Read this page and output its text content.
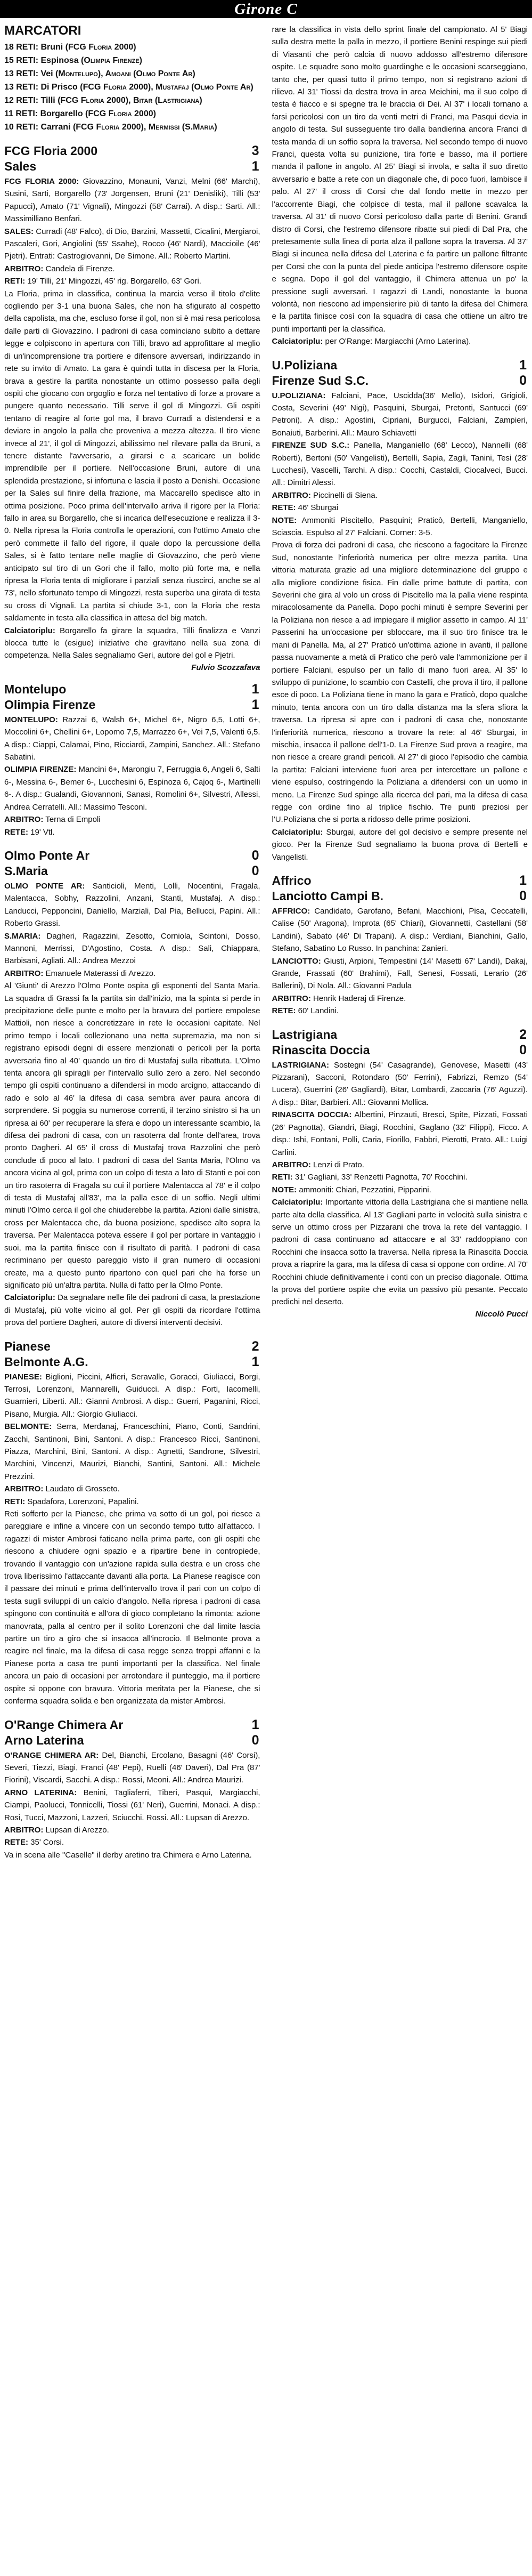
Girone C
MARCATORI
18 RETI: Bruni (FCG Floria 2000)
15 RETI: Espinosa (Olimpia Firenze)
13 RETI: Vei (Montelupo), Amoani (Olmo Ponte Ar)
13 RETI: Di Prisco (FCG Floria 2000), Mustafaj (Olmo Ponte Ar)
12 RETI: Tilli (FCG Floria 2000), Bitar (Lastrigiana)
11 RETI: Borgarello (FCG Floria 2000)
10 RETI: Carrani (FCG Floria 2000), Mermissi (S.Maria)
FCG Floria 2000	3
Sales	1

FCG FLORIA 2000: Giovazzino, Monauni, Vanzi, Melni (66' Marchi), Susini, Sarti, Borgarello (73' Jorgensen, Bruni (21' Denisliki), Tilli (53' Papucci), Amato (71' Vignali), Mingozzi (58' Carrai). A disp.: Sarti. All.: Massimilliano Benfari.

SALES: Curradi (48' Falco), di Dio, Barzini, Massetti, Cicalini, Mergiaroi, Pascaleri, Gori, Angiolini (55' Ssahe), Rocco (46' Nardi), Maccioile (46' Pjetri). Entrati: Castrogiovanni, De Simone. All.: Roberto Martini.

ARBITRO: Candela di Firenze.

RETI: 19' Tilli, 21' Mingozzi, 45' rig. Borgarello, 63' Gori.

La Floria, prima in classifica, continua la marcia verso il titolo d'elite cogliendo per 3-1 una buona Sales, che non ha sfigurato al cospetto della capolista, ma che, escluso forse il gol, non si è mai resa pericolosa dalle parti di Giovazzino. I padroni di casa cominciano subito a dettare legge e colpiscono in apertura con Tilli, bravo ad approfittare al meglio di un'incomprensione tra portiere e difensore avversari, indirizzando in rete su invito di Amato. La gara è quindi tutta in discesa per la Floria, brava a gestire la partita nonostante un ottimo possesso palla degli ospiti che giocano con orgoglio e forza nel tentativo di forze a provare a pungere quanto necessario. Tilli serve il gol di Mingozzi. Gli ospiti tentano di reagire al forte gol ma, il bravo Curradi a distendersi e a deviare in angolo la palla che proveniva a mezza altezza. Il tiro viene invece al 21', il gol di Mingozzi, abilissimo nel rilevare palla da Bruni, a tenere distante l'avversario, a girarsi e a scaricare un bolide imprendibile per il portiere. Nell'occasione Bruni, autore di una splendida prestazione, si infortuna e lascia il posto a Denishi. Occasione per la Sales sul finire della frazione, ma Maccarello spedisce alto in ottima posizione. Poco prima dell'intervallo arriva il rigore per la Floria: fallo in area su Borgarello, che si incarica dell'esecuzione e realizza il 3-0. Nella ripresa la Floria controlla le operazioni, con l'ottimo Amato che però commette il fallo del rigore, il quale dopo la percussione della Sales, si è fatto tentare nelle maglie di Giovazzino, che però viene anticipato sul tiro di un Gori che il fallo, molto più forte ma, e nella ripresa la Floria tenta di migliorare i parziali senza riuscirci, anche se al 73', nello sfortunato tempo di Mingozzi, resta superba una girata di testa su cross di Vignali. La partita si chiude 3-1, con la Floria che resta saldamente in testa alla classifica in attesa del big match.

Calciatoriplu: Borgarello fa girare la squadra, Tilli finalizza e Vanzi blocca tutte le (esigue) iniziative che gravitano nella sua zona di competenza. Nella Sales segnaliamo Geri, autore del gol e Pjetri.

Fulvio Scozzafava
Montelupo	1
Olimpia Firenze	1

MONTELUPO: Razzai 6, Walsh 6+, Michel 6+, Nigro 6,5, Lotti 6+, Moccolini 6+, Chellini 6+, Lopomo 7,5, Marrazzo 6+, Vei 7,5, Valenti 6,5. A disp.: Ciappi, Calamai, Pino, Ricciardi, Zampini, Sanchez. All.: Stefano Sabatini.

OLIMPIA FIRENZE: Mancini 6+, Marongiu 7, Ferruggia 6, Angeli 6, Salti 6-, Messina 6-, Bemer 6-, Lucchesini 6, Espinoza 6, Cajoq 6-, Martinelli 6-. A disp.: Gualandi, Giovannoni, Sanasi, Romolini 6+, Silvestri, Allessi, Andrea Cerratelli. All.: Massimo Tesconi.

ARBITRO: Terna di Empoli

RETE: 19' Vtl.

Olmo Ponte Ar	0
S.Maria	0

OLMO PONTE AR: Santicioli, Menti, Lolli, Nocentini, Fragala, Malentacca, Sobhy, Razzolini, Anzani, Stanti, Mustafaj. A disp.: Landucci, Pepponcini, Daniello, Marziali, Dal Pia, Bellucci, Papini. All.: Roberto Grassi.

S.MARIA: Dagheri, Ragazzini, Zesotto, Corniola, Scintoni, Dosso, Mannoni, Merrissi, D'Agostino, Costa. A disp.: Sali, Chiappara, Barbisani, Agliati. All.: Andrea Mezzoi

ARBITRO: Emanuele Materassi di Arezzo.

Al 'Giunti' di Arezzo l'Olmo Ponte ospita gli esponenti del Santa Maria. La squadra di Grassi fa la partita sin dall'inizio, ma la spinta si perde in precipitazione delle punte e molto per la bravura del portiere empolese Mattioli, non riesce a concretizzare in rete le occasioni capitate. Nel primo tempo i locali collezionano una netta supremazia, ma non si registrano episodi degni di essere menzionati o pericoli per la porta avversaria fino al 40' quando un tiro di Mustafaj sulla ribattuta. L'Olmo tenta ancora gli spiragli per l'intervallo sullo zero a zero. Nel secondo tempo gli ospiti continuano a difendersi in modo arcigno, attaccando di rado e solo al 46' la difesa di casa sembra aver paura ancora di sorprendere. Si poggia su numerose correnti, il terzino sinistro si ha un ripresa ai 60' per recuperare la sfera e dopo un interessante scambio, la difesa dei padroni di casa, con un rasoterra dal fronte dell'area, trova pronto Dagheri. Al 65' il cross di Mustafaj trova Razzolini che però conclude di poco al lato. I padroni di casa del Santa Maria, l'Olmo va ancora vicina al gol, prima con un colpo di testa a lato di Stanti e poi con un tiro rasoterra di Fragala su cui il portiere Malentacca al 78' e il colpo di testa di Mustafaj all'83', ma la palla esce di un soffio. Negli ultimi minuti l'Olmo cerca il gol che chiuderebbe la partita. Azioni dalle sinistra, cross per Malentacca che, da buona posizione, spedisce alto sopra la traversa. Per Malentacca poteva essere il gol per portare in vantaggio i suoi, ma la partita finisce con il risultato di parità. I padroni di casa recriminano per questo pareggio visto il gran numero di occasioni create, ma a questo punto ripartono con quel pari che ha forse un significato più un'altra partita. Nulla di fatto per la Olmo Ponte.

Calciatoriplu: Da segnalare nelle file dei padroni di casa, la prestazione di Mustafaj, più volte vicino al gol. Per gli ospiti da ricordare l'ottima prova del portiere Dagheri, autore di diversi interventi decisivi.

Pianese	2
Belmonte A.G.	1

PIANESE: Biglioni, Piccini, Alfieri, Seravalle, Goracci, Giuliacci, Borgi, Terrosi, Lorenzoni, Mannarelli, Guiducci. A disp.: Forti, Iacomelli, Guarnieri, Liberti. All.: Gianni Ambrosi. A disp.: Guerri, Paganini, Ricci, Pisano, Murgia. All.: Giorgio Giuliacci.

BELMONTE: Serra, Merdanaj, Franceschini, Piano, Conti, Sandrini, Zacchi, Santinoni, Bini, Santoni. A disp.: Francesco Ricci, Santinoni, Piazza, Marchini, Bini, Santoni. A disp.: Agnetti, Sandrone, Silvestri, Marchini, Vincenzi, Maurizi, Bianchi, Santini, Santoni. All.: Michele Prezzini.

ARBITRO: Laudato di Grosseto.

RETI: Spadafora, Lorenzoni, Papalini.

Reti sofferto per la Pianese, che prima va sotto di un gol, poi riesce a pareggiare e infine a vincere con un secondo tempo tutto all'attacco. I ragazzi di mister Ambrosi faticano nella prima parte, con gli ospiti che riescono a chiudere ogni spazio e a ripartire bene in contropiede, trovando il vantaggio con un'azione rapida sulla destra e un cross che trova liberissimo l'attaccante davanti alla porta. La Pianese reagisce con il passare dei minuti e prima dell'intervallo trova il pari con un colpo di testa sugli sviluppi di un calcio d'angolo. Nella ripresa i padroni di casa spingono con continuità e all'ora di gioco completano la rimonta: azione manovrata, palla al centro per il solito Lorenzoni che dal limite lascia partire un tiro a giro che si insacca all'incrocio. Il Belmonte prova a reagire nel finale, ma la difesa di casa regge senza troppi affanni e la Pianese porta a casa tre punti importanti per la classifica. Nel finale ancora un paio di occasioni per arrotondare il punteggio, ma il portiere ospite si oppone con bravura. Vittoria meritata per la Pianese, che si conferma squadra solida e ben organizzata da mister Ambrosi.

O'Range Chimera Ar	1
Arno Laterina	0

O'RANGE CHIMERA AR: Del, Bianchi, Ercolano, Basagni (46' Corsi), Severi, Tiezzi, Biagi, Franci (48' Pepi), Ruelli (46' Daveri), Dal Pra (87' Fiorini), Viscardi, Sacchi. A disp.: Rossi, Meoni. All.: Andrea Maurizi.

ARNO LATERINA: Benini, Tagliaferri, Tiberi, Pasqui, Margiacchi, Ciampi, Paolucci, Tonnicelli, Tiossi (61' Neri), Guerrini, Monaci. A disp.: Rosi, Tucci, Mazzoni, Lazzeri, Sciucchi. Rossi. All.: Lupsan di Arezzo.

ARBITRO: Lupsan di Arezzo.

RETE: 35' Corsi.

Va in scena alle "Caselle" il derby aretino tra Chimera e Arno Laterina.

rare la classifica in vista dello sprint finale del campionato. Al 5' Biagi sulla destra mette la palla in mezzo, il portiere Benini respinge sui piedi di Viasanti che però calcia di nuovo addosso all'estremo difensore ospite. Le squadre sono molto guardinghe e le occasioni scarseggiano, tanto che, per quasi tutto il primo tempo, non si registrano azioni di rilievo. Al 31' Tiossi da destra trova in area Meichini, ma il suo colpo di testa è fiacco e si spegne tra le braccia di Dei. Al 37' i locali tornano a farsi pericolosi con un tiro da venti metri di Franci, ma Pasqui devia in angolo di testa. Sul susseguente tiro dalla bandierina ancora Franci di testa manda di un soffio sopra la traversa. Nel secondo tempo di nuovo Franci, questa volta su punizione, tira forte e basso, ma il portiere manda il pallone in angolo. Al 25' Biagi si invola, e salta il suo diretto avversario e batte a rete con un diagonale che, di poco fuori, lambisce il palo. Al 27' il cross di Corsi che dal fondo mette in mezzo per l'accorrente Biagi, che colpisce di testa, mal il pallone scavalca la traversa. Al 31' di nuovo Corsi pericoloso dalla parte di Benini. Grandi distro di Corsi, che l'estremo difensore ribatte sui piedi di Dal Pra, che pretesamente sulla linea di porta alza il pallone sopra la traversa. Al 37' Biagi si incunea nella difesa del Laterina e fa partire un pallone filtrante per Corsi che con la punta del piede anticipa l'estremo difensore ospite e segna. Dopo il gol del vantaggio, il Chimera attenua un po' la pressione sugli avversari. I ragazzi di Landi, nonostante la buona volontà, non riescono ad impensierire più di tanto la difesa del Chimera e la partita finisce così con la squadra di casa che ottiene un altro tre punti importanti per la classifica.

Calciatoriplu: per O'Range: Margiacchi (Arno Laterina).

U.Poliziana	1
Firenze Sud S.C.	0

U.POLIZIANA: Falciani, Pace, Uscidda(36' Mello), Isidori, Grigioli, Costa, Severini (49' Nigi), Pasquini, Sburgai, Pretonti, Santucci (69' Petroni). A disp.: Agostini, Cipriani, Burgucci, Falciani, Zampieri, Bonaiuti, Barberini. All.: Mauro Schiavetti

FIRENZE SUD S.C.: Panella, Manganiello (68' Lecco), Nannelli (68' Roberti), Bertoni (50' Vangelisti), Bertelli, Sapia, Zagli, Tanini, Tesi (28' Lucchesi), Vascelli, Tarchi. A disp.: Cocchi, Castaldi, Ciocalveci, Bucci. All.: Dimitri Alessi.

ARBITRO: Piccinelli di Siena.

RETE: 46' Sburgai

NOTE: Ammoniti Piscitello, Pasquini; Praticò, Bertelli, Manganiello, Sciascia. Espulso al 27' Falciani. Corner: 3-5.

Prova di forza dei padroni di casa, che riescono a fagocitare la Firenze Sud, nonostante l'inferiorità numerica per oltre mezza partita. Una vittoria maturata grazie ad una migliore determinazione del gruppo e alla migliore condizione fisica. Fin dalle prime battute di partita, con Severini che gira al volo un cross di Piscitello ma la palla viene respinta miracolosamente da Panella. Dopo pochi minuti è sempre Severini per la Poliziana non riesce a ad impiegare il miglior assetto in campo. Al 11' Passerini ha un'occasione per sbloccare, ma il suo tiro finisce tra le mani di Panella. Ma, al 27' Praticò un'ottima azione in avanti, il pallone passa nuovamente a metà di Pratico che però vale l'ammonizione per il portiere Falciani, espulso per un fallo di mano fuori area. Al 35' lo sviluppo di punizione, lo scambio con Castelli, che prova il tiro, il pallone esce di poco. La Poliziana tiene in mano la gara e Praticò, dopo qualche minuto, tenta ancora con un tiro dalla distanza ma la sfera sfiora la traversa. La ripresa si apre con i padroni di casa che, nonostante l'inferiorità numerica, riescono a trovare la rete: al 46' Sburgai, in mischia, insacca il pallone dell'1-0. La Firenze Sud prova a reagire, ma non riesce a creare grandi pericoli. Al 27' di gioco l'episodio che cambia la partita: Falciani interviene fuori area per intercettare un pallone e viene espulso, costringendo la Poliziana a difendersi con un uomo in meno. La Firenze Sud spinge alla ricerca del pari, ma la difesa di casa regge con ordine fino al triplice fischio. Tre punti preziosi per l'U.Poliziana che si porta a ridosso delle prime posizioni.

Calciatoriplu: Sburgai, autore del gol decisivo e sempre presente nel gioco. Per la Firenze Sud segnaliamo la buona prova di Bertelli e Vangelisti.

Affrico	1
Lanciotto Campi B.	0

AFFRICO: Candidato, Garofano, Befani, Macchioni, Pisa, Ceccatelli, Calise (50' Aragona), Improta (65' Chiari), Giovannetti, Castellani (58' Landini), Sabato (46' Di Trapani). A disp.: Verdiani, Bianchini, Gallo, Stefano, Sabatino Lo Russo. In panchina: Zanieri.

LANCIOTTO: Giusti, Arpioni, Tempestini (14' Masetti 67' Landi), Dakaj, Grande, Frassati (60' Brahimi), Fall, Senesi, Fossati, Lerario (26' Ballerini), Di Nola. All.: Giovanni Padula

ARBITRO: Henrik Haderaj di Firenze.

RETE: 60' Landini.

Lastrigiana	2
Rinascita Doccia	0

LASTRIGIANA: Sostegni (54' Casagrande), Genovese, Masetti (43' Pizzarani), Sacconi, Rotondaro (50' Ferrini), Fabrizzi, Remzo (54' Lucera), Guerrini (26' Gagliardi), Bitar, Lombardi, Zaccaria (76' Aguzzi). A disp.: Bitar, Barbieri. All.: Giovanni Mollica.

RINASCITA DOCCIA: Albertini, Pinzauti, Bresci, Spite, Pizzati, Fossati (26' Pagnotta), Giandri, Biagi, Rocchini, Gaglano (32' Filippi), Ficco. A disp.: Ishi, Fontani, Polli, Caria, Fiorillo, Fabbri, Pierotti, Prato. All.: Luigi Carlini.

ARBITRO: Lenzi di Prato.

RETI: 31' Gagliani, 33' Renzetti Pagnotta, 70' Rocchini.

NOTE: ammoniti: Chiari, Pezzatini, Pipparini.

Calciatoriplu: Importante vittoria della Lastrigiana che si mantiene nella parte alta della classifica. Al 13' Gagliani parte in velocità sulla sinistra e serve un ottimo cross per Pizzarani che trova la rete del vantaggio. I padroni di casa continuano ad attaccare e al 33' raddoppiano con Rocchini che insacca sotto la traversa. Nella ripresa la Rinascita Doccia prova a riaprire la gara, ma la difesa di casa si oppone con ordine. Al 70' Rocchini chiude definitivamente i conti con un preciso diagonale. Ottima la prova del portiere ospite che evita un passivo più pesante. Peccato predichi nel deserto.

Niccolò Pucci
